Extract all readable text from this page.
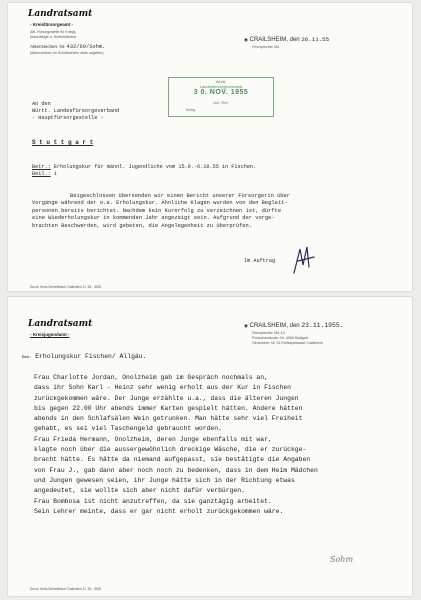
Landratsamt
- Kreisfürsorgeamt -
Abt. Fürsorgestelle für Kriegs-
beschädigte u. Hinterbliebene
Aktenzeichen: Nr. 432/60/Sohm.
(Aktenzeichen im Schriftverkehr stets angeben)
◉ CRAILSHEIM, den 26.11.55
Fernsprecher 361
Württ.
Landesfürsorgeverband
3 0. NOV. 1955
Anl. Ref.
Abtlg.
An den
Württ. Landesfürsorgeverband
- Hauptfürsorgestelle -
S t u t t g a r t
Betr.: Erholungskur für männl. Jugendliche vom 15.9.-6.10.55 in Fischen.
Beil.: 1
Beigeschlossen übersenden wir einen Bericht unserer Fürsorgerin über
Vorgänge während der o.a. Erholungskur. Ähnliche Klagen wurden von den Begleit-
personen bereits berichtet. Nachdem kein Kurerfolg zu verzeichnen ist, dürfte
eine Wiederholungskur in kommenden Jahr angezeigt sein. Aufgrund der vorge-
brachten Beschwerden, wird gebeten, die Angelegenheit zu überprüfen.
Im Auftrag
Druck: Kreis-Schreibtisch Crailsheim 11. 55 - 5000
Landratsamt
- Kreisjugendamt -
◉ CRAILSHEIM, den 23.11.1955.
Fernsprecher 361-19
Postscheckkonto: Nr. 4966 Stuttgart
Girokonten: Nr. 31 Kreissparkasse Crailsheim
Betr.: Erholungskur Fischen/ Allgäu.
Frau Charlotte Jordan, Onolzheim gab im Gespräch nochmals an,
dass ihr Sohn Karl - Heinz sehr wenig erholt aus der Kur in Fischen
zurückgekommen wäre. Der Junge erzählte u.a., dass die älteren Jungen
bis gegen 22.00 Uhr abends immer Karten gespielt hätten. Andere hätten
abends in den Schlafsälen Wein getrunken. Man hätte sehr viel Freiheit
gehabt, es sei viel Taschengeld gebraucht worden.
Frau Frieda Hermann, Onolzheim, deren Junge ebenfalls mit war,
klagte noch über die aussergewöhnlich dreckige Wäsche, die er zurückge-
bracht hätte. Es hätte da niemand aufgepasst, sie bestätigte die Angaben
von Frau J., gab dann aber noch noch zu bedenken, dass in dem Heim Mädchen
und Jungen gewesen seien, ihr Junge hätte sich in der Richtung etwas
angedeutet, sie wollte sich aber nicht dafür verbürgen.
Frau Bombosa ist nicht anzutreffen, da sie ganztägig arbeitet.
Sein Lehrer meinte, dass er gar nicht erholt zurückgekommen wäre.
Sohm
Druck: Kreis-Schreibtisch Crailsheim 11. 55 - 5000
